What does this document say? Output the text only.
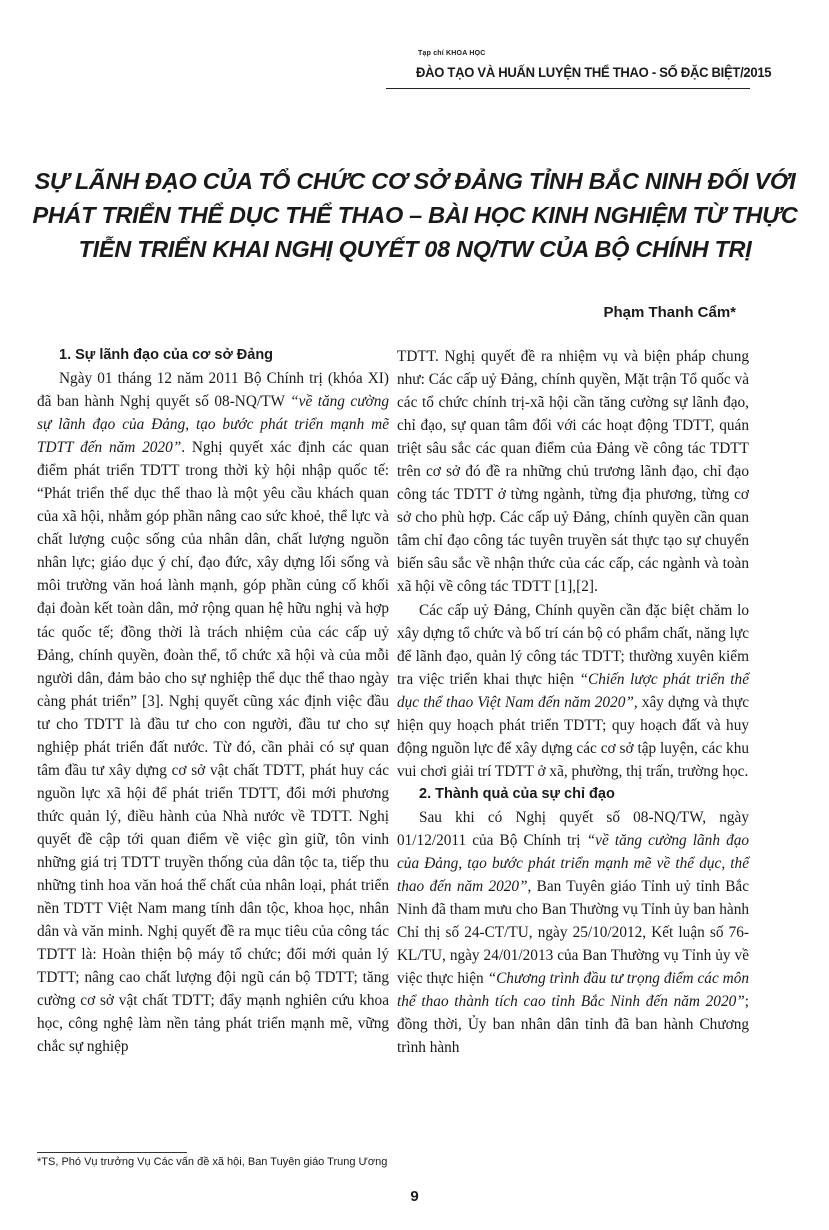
Tạp chí KHOA HỌC
ĐÀO TẠO VÀ HUẤN LUYỆN THỂ THAO - SỐ ĐẶC BIỆT/2015
SỰ LÃNH ĐẠO CỦA TỔ CHỨC CƠ SỞ ĐẢNG TỈNH BẮC NINH ĐỐI VỚI
PHÁT TRIỂN THỂ DỤC THỂ THAO – BÀI HỌC KINH NGHIỆM TỪ THỰC
TIỄN TRIỂN KHAI NGHỊ QUYẾT 08 NQ/TW CỦA BỘ CHÍNH TRỊ
Phạm Thanh Cẩm*
1. Sự lãnh đạo của cơ sở Đảng

Ngày 01 tháng 12 năm 2011 Bộ Chính trị (khóa XI) đã ban hành Nghị quyết số 08-NQ/TW “về tăng cường sự lãnh đạo của Đảng, tạo bước phát triển mạnh mẽ TDTT đến năm 2020”. Nghị quyết xác định các quan điểm phát triển TDTT trong thời kỳ hội nhập quốc tế: “Phát triển thể dục thể thao là một yêu cầu khách quan của xã hội, nhằm góp phần nâng cao sức khoẻ, thể lực và chất lượng cuộc sống của nhân dân, chất lượng nguồn nhân lực; giáo dục ý chí, đạo đức, xây dựng lối sống và môi trường văn hoá lành mạnh, góp phần củng cố khối đại đoàn kết toàn dân, mở rộng quan hệ hữu nghị và hợp tác quốc tế; đồng thời là trách nhiệm của các cấp uỷ Đảng, chính quyền, đoàn thể, tổ chức xã hội và của mỗi người dân, đảm bảo cho sự nghiệp thể dục thể thao ngày càng phát triển” [3]. Nghị quyết cũng xác định việc đầu tư cho TDTT là đầu tư cho con người, đầu tư cho sự nghiệp phát triển đất nước. Từ đó, cần phải có sự quan tâm đầu tư xây dựng cơ sở vật chất TDTT, phát huy các nguồn lực xã hội để phát triển TDTT, đổi mới phương thức quản lý, điều hành của Nhà nước về TDTT. Nghị quyết đề cập tới quan điểm về việc gìn giữ, tôn vinh những giá trị TDTT truyền thống của dân tộc ta, tiếp thu những tinh hoa văn hoá thể chất của nhân loại, phát triển nền TDTT Việt Nam mang tính dân tộc, khoa học, nhân dân và văn minh. Nghị quyết đề ra mục tiêu của công tác TDTT là: Hoàn thiện bộ máy tổ chức; đổi mới quản lý TDTT; nâng cao chất lượng đội ngũ cán bộ TDTT; tăng cường cơ sở vật chất TDTT; đẩy mạnh nghiên cứu khoa học, công nghệ làm nền tảng phát triển mạnh mẽ, vững chắc sự nghiệp

TDTT. Nghị quyết đề ra nhiệm vụ và biện pháp chung như: Các cấp uỷ Đảng, chính quyền, Mặt trận Tổ quốc và các tổ chức chính trị-xã hội cần tăng cường sự lãnh đạo, chỉ đạo, sự quan tâm đối với các hoạt động TDTT, quán triệt sâu sắc các quan điểm của Đảng về công tác TDTT trên cơ sở đó đề ra những chủ trương lãnh đạo, chỉ đạo công tác TDTT ở từng ngành, từng địa phương, từng cơ sở cho phù hợp. Các cấp uỷ Đảng, chính quyền cần quan tâm chỉ đạo công tác tuyên truyền sát thực tạo sự chuyển biến sâu sắc về nhận thức của các cấp, các ngành và toàn xã hội về công tác TDTT [1],[2].

Các cấp uỷ Đảng, Chính quyền cần đặc biệt chăm lo xây dựng tổ chức và bố trí cán bộ có phẩm chất, năng lực để lãnh đạo, quản lý công tác TDTT; thường xuyên kiểm tra việc triển khai thực hiện “Chiến lược phát triển thể dục thể thao Việt Nam đến năm 2020”, xây dựng và thực hiện quy hoạch phát triển TDTT; quy hoạch đất và huy động nguồn lực để xây dựng các cơ sở tập luyện, các khu vui chơi giải trí TDTT ở xã, phường, thị trấn, trường học.

2. Thành quả của sự chỉ đạo

Sau khi có Nghị quyết số 08-NQ/TW, ngày 01/12/2011 của Bộ Chính trị “về tăng cường lãnh đạo của Đảng, tạo bước phát triển mạnh mẽ về thể dục, thể thao đến năm 2020”, Ban Tuyên giáo Tỉnh uỷ tỉnh Bắc Ninh đã tham mưu cho Ban Thường vụ Tỉnh ủy ban hành Chỉ thị số 24-CT/TU, ngày 25/10/2012, Kết luận số 76-KL/TU, ngày 24/01/2013 của Ban Thường vụ Tỉnh ủy về việc thực hiện “Chương trình đầu tư trọng điểm các môn thể thao thành tích cao tỉnh Bắc Ninh đến năm 2020”; đồng thời, Ủy ban nhân dân tỉnh đã ban hành Chương trình hành

*TS, Phó Vụ trưởng Vụ Các vấn đề xã hội, Ban Tuyên giáo Trung Ương
9
